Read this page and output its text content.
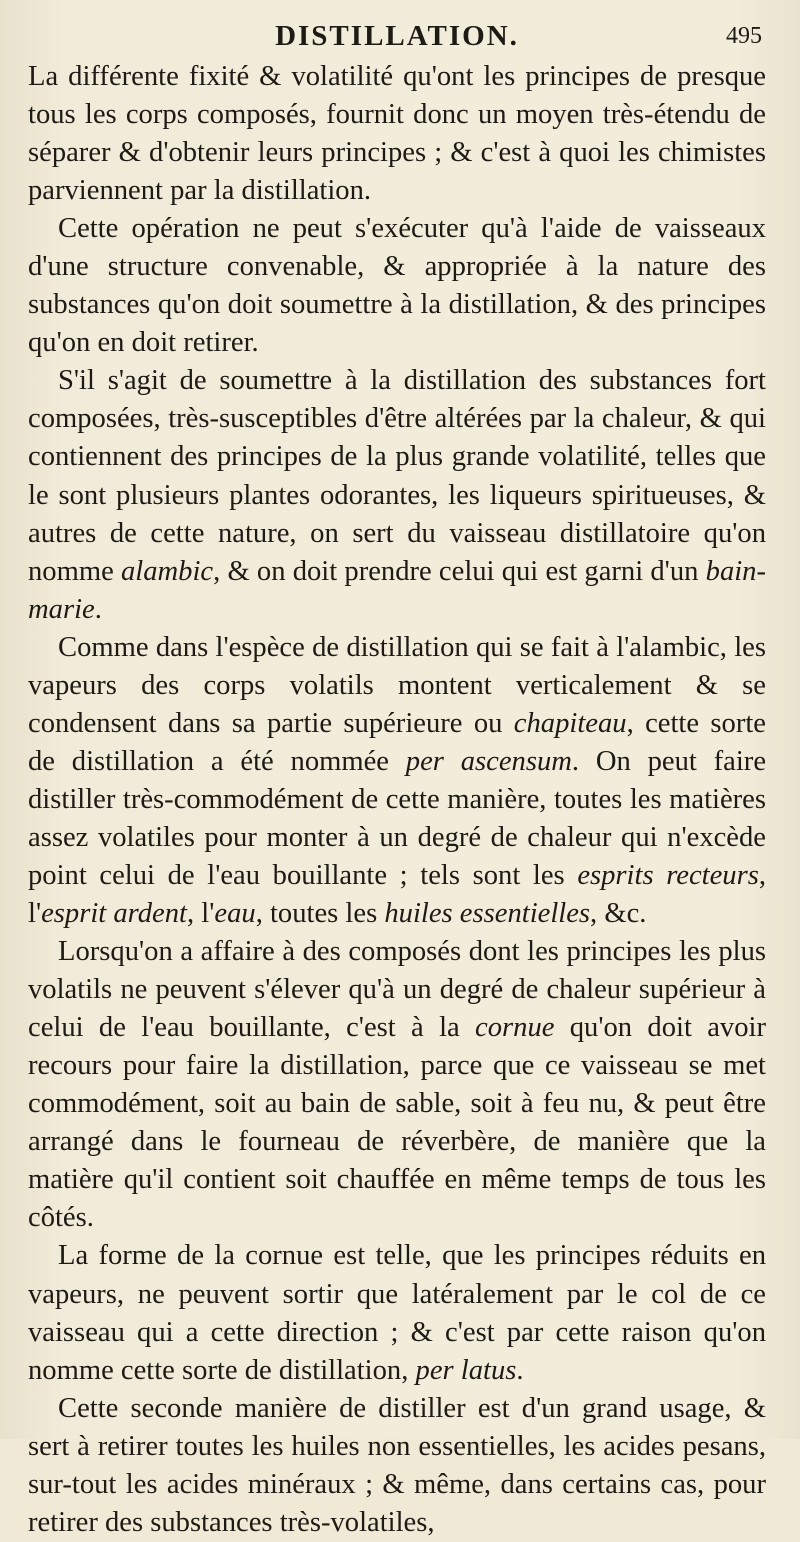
DISTILLATION.	495

La différente fixité & volatilité qu'ont les principes de presque tous les corps composés, fournit donc un moyen très-étendu de séparer & d'obtenir leurs principes ; & c'est à quoi les chimistes parviennent par la distillation.

Cette opération ne peut s'exécuter qu'à l'aide de vaisseaux d'une structure convenable, & appropriée à la nature des substances qu'on doit soumettre à la distillation, & des principes qu'on en doit retirer.

S'il s'agit de soumettre à la distillation des substances fort composées, très-susceptibles d'être altérées par la chaleur, & qui contiennent des principes de la plus grande volatilité, telles que le sont plusieurs plantes odorantes, les liqueurs spiritueuses, & autres de cette nature, on sert du vaisseau distillatoire qu'on nomme alambic, & on doit prendre celui qui est garni d'un bain-marie.

Comme dans l'espèce de distillation qui se fait à l'alambic, les vapeurs des corps volatils montent verticalement & se condensent dans sa partie supérieure ou chapiteau, cette sorte de distillation a été nommée per ascensum. On peut faire distiller très-commodément de cette manière, toutes les matières assez volatiles pour monter à un degré de chaleur qui n'excède point celui de l'eau bouillante ; tels sont les esprits recteurs, l'esprit ardent, l'eau, toutes les huiles essentielles, &c.

Lorsqu'on a affaire à des composés dont les principes les plus volatils ne peuvent s'élever qu'à un degré de chaleur supérieur à celui de l'eau bouillante, c'est à la cornue qu'on doit avoir recours pour faire la distillation, parce que ce vaisseau se met commodément, soit au bain de sable, soit à feu nu, & peut être arrangé dans le fourneau de réverbère, de manière que la matière qu'il contient soit chauffée en même temps de tous les côtés.

La forme de la cornue est telle, que les principes réduits en vapeurs, ne peuvent sortir que latéralement par le col de ce vaisseau qui a cette direction ; & c'est par cette raison qu'on nomme cette sorte de distillation, per latus.

Cette seconde manière de distiller est d'un grand usage, & sert à retirer toutes les huiles non essentielles, les acides pesans, sur-tout les acides minéraux ; & même, dans certains cas, pour retirer des substances très-volatiles,
